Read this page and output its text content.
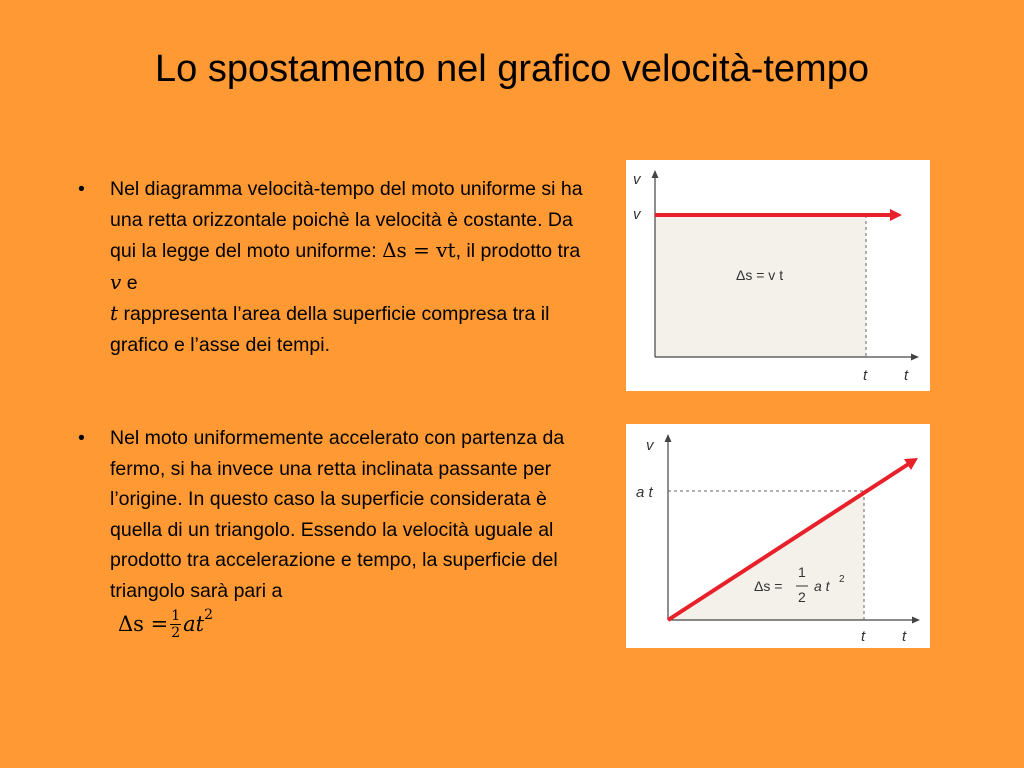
Lo spostamento nel grafico velocità-tempo
•	Nel diagramma velocità-tempo del moto uniforme si ha una retta orizzontale poichè la velocità è costante. Da qui la legge del moto uniforme: Δs = vt, il prodotto tra v e
t rappresenta l’area della superficie compresa tra il grafico e l’asse dei tempi.
•	Nel moto uniformemente accelerato con partenza da fermo, si ha invece una retta inclinata passante per l’origine. In questo caso la superficie considerata è quella di un triangolo. Essendo la velocità uguale al prodotto tra accelerazione e tempo, la superficie del triangolo sarà pari a
$\Delta s = \frac{1}{2}$ at 2
v
v
t t
Δs = v t
v
a t
t t
Δs =
1
2
a t 2
